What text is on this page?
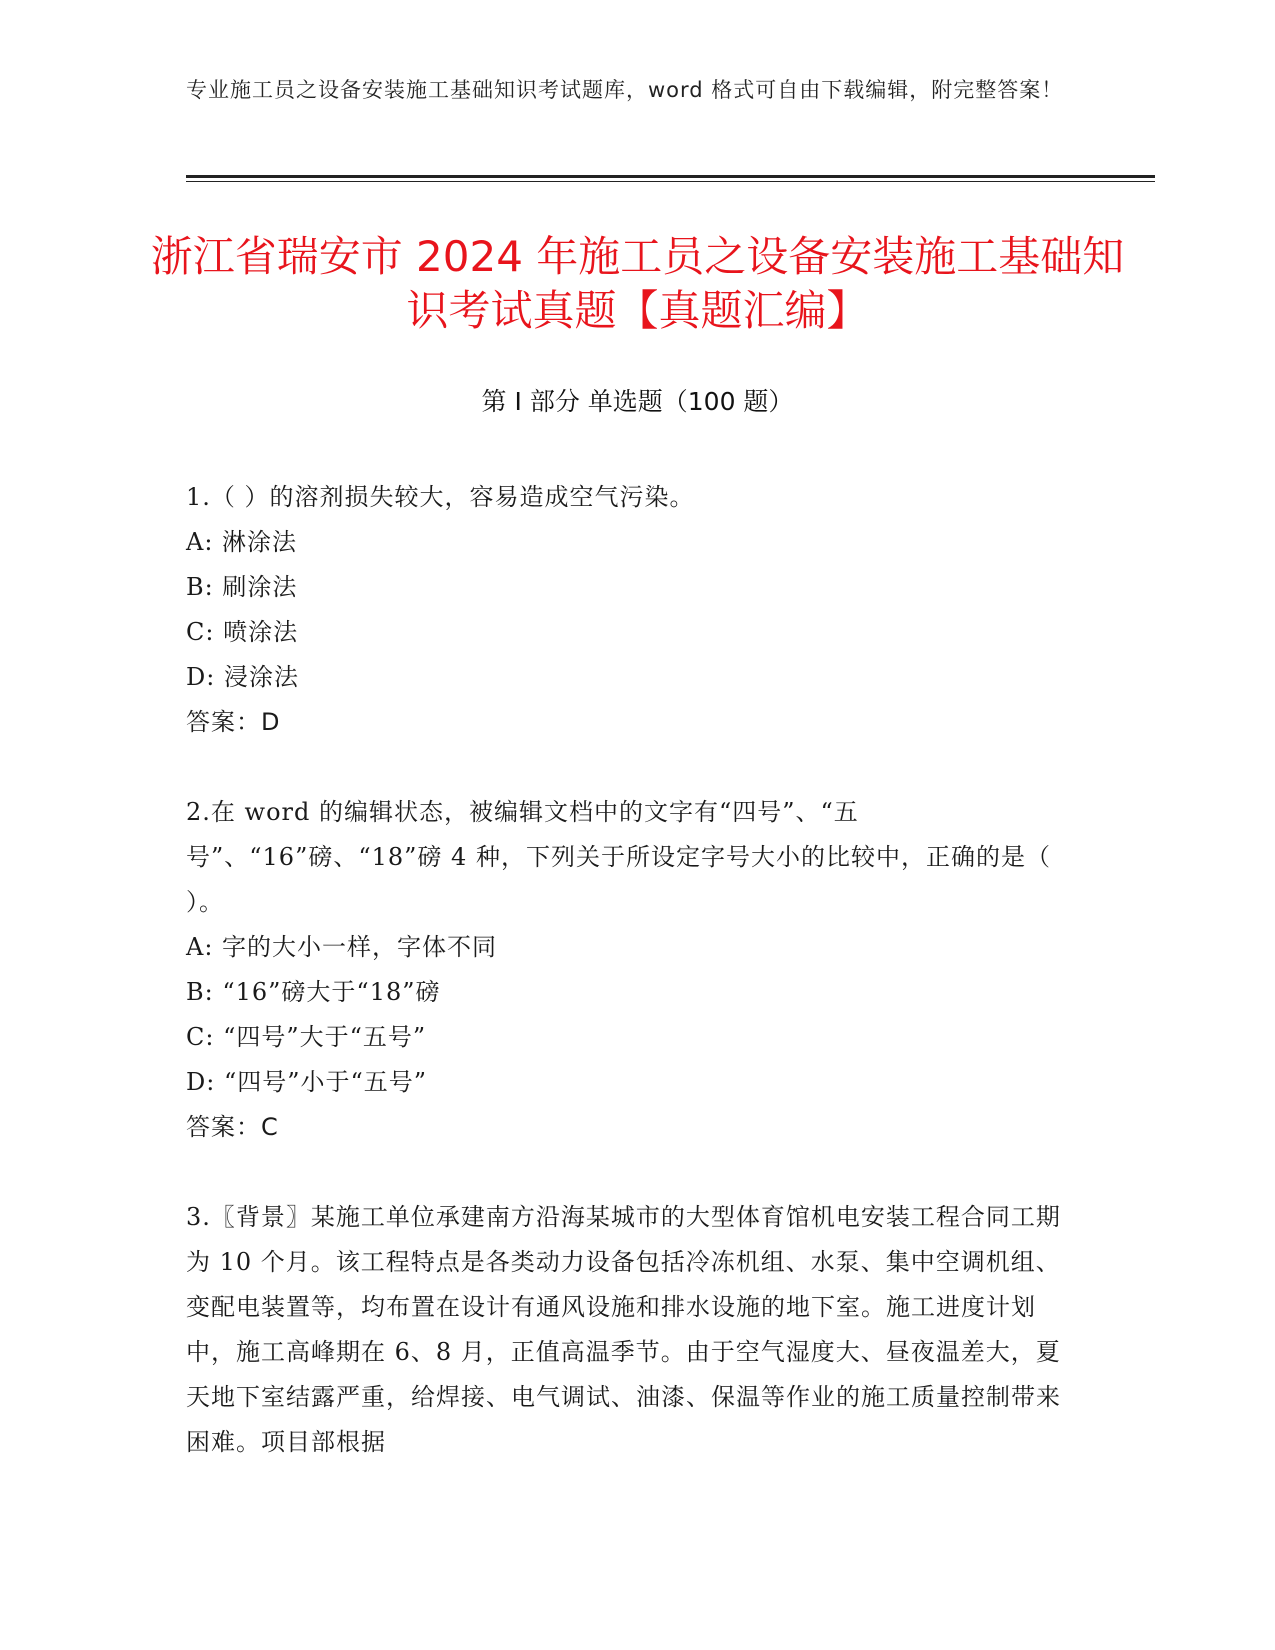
专业施工员之设备安装施工基础知识考试题库，word 格式可自由下载编辑，附完整答案！
浙江省瑞安市 2024 年施工员之设备安装施工基础知识考试真题【真题汇编】
第 I 部分 单选题（100 题）

1.（ ）的溶剂损失较大，容易造成空气污染。

A: 淋涂法

B: 刷涂法

C: 喷涂法

D: 浸涂法

答案：D

2.在 word 的编辑状态，被编辑文档中的文字有“四号”、“五号”、“16”磅、“18”磅 4 种，下列关于所设定字号大小的比较中，正确的是（ ）。

A: 字的大小一样，字体不同

B: “16”磅大于“18”磅

C: “四号”大于“五号”

D: “四号”小于“五号”

答案：C

3.〖背景〗某施工单位承建南方沿海某城市的大型体育馆机电安装工程合同工期为 10 个月。该工程特点是各类动力设备包括冷冻机组、水泵、集中空调机组、变配电装置等，均布置在设计有通风设施和排水设施的地下室。施工进度计划中，施工高峰期在 6、8 月，正值高温季节。由于空气湿度大、昼夜温差大，夏天地下室结露严重，给焊接、电气调试、油漆、保温等作业的施工质量控制带来困难。项目部根据
